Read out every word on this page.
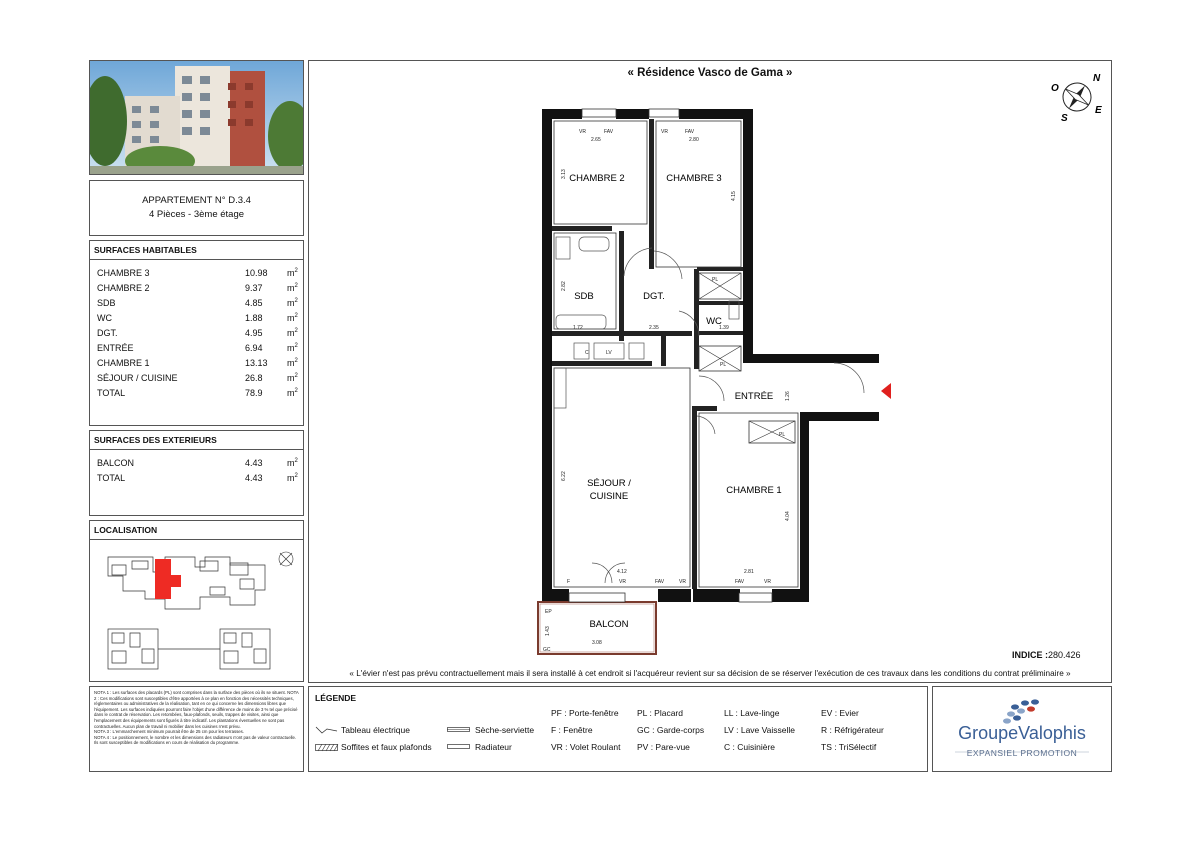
APPARTEMENT N° D.3.4
4 Pièces - 3ème étage
SURFACES HABITABLES
CHAMBRE 3	10.98 $m^2$
CHAMBRE 2	9.37	$m^2$
SDB	4.85	$m^2$
WC	1.88	$m^2$
DGT.	4.95	$m^2$
ENTRÉE	6.94	$m^2$
CHAMBRE 1	13.13 $m^2$
SÉJOUR / CUISINE	26.8	$m^2$
TOTAL	78.9	$m^2$
SURFACES DES EXTERIEURS
BALCON	4.43	$m^2$
TOTAL	4.43	$m^2$
LOCALISATION

NOTA 1 : Les surfaces des placards (PL) sont comprises dans la surface des pièces où ils se situent. NOTA 2 : Ces modifications sont susceptibles d'être apportées à ce plan en fonction des nécessités techniques, réglementaires ou administratives de la réalisation, tant en ce qui concerne les dimensions libres que l'équipement. Les surfaces indiquées pourront faire l'objet d'une différence de moins de 3 % tel que précisé dans le contrat de réservation. Les retombées, faux-plafonds, seuils, trappes de visites, ainsi que l'emplacement des équipements sont figurés à titre indicatif. Les plantations éventuelles ne sont pas contractuelles. Aucun plan de travail ni mobilier dans les cuisines n'est prévu.

NOTA 3 : L'emmarchement minimum pourrait être de 25 cm pour les terrasses.

NOTA 4 : Le positionnement, le nombre et les dimensions des radiateurs n'ont pas de valeur contractuelle. Ils sont susceptibles de modifications en cours de réalisation du programme.

« Résidence Vasco de Gama »	N
E
S
O
CHAMBRE 2	CHAMBRE 3
SDB	DGT.
WC
ENTRÉE
SÉJOUR /
CUISINE
CHAMBRE 1
BALCON
2.65
3.13
2.80
4.15
1.72
2.82
2.35	1.39
1.26
6.22
4.12
4.04
2.81
1.43
3.08
VR	FAV	VR	FAV
PL
PL
PL
F	VR	FAV	VR	FAV	VR
EP
GC
LV
C
INDICE :280.426
« L'évier n'est pas prévu contractuellement mais il sera installé à cet endroit si l'acquéreur revient sur sa décision de se réserver l'exécution de ces travaux dans les conditions du contrat préliminaire »
LÉGENDE
Tableau électrique
Soffites et faux plafonds
Sèche-serviette
Radiateur
PF : Porte-fenêtre
F : Fenêtre
VR : Volet Roulant
PL : Placard
GC : Garde-corps
PV : Pare-vue
LL : Lave-linge
LV : Lave Vaisselle
C : Cuisinière
EV : Evier
R : Réfrigérateur
TS : TriSélectif
GroupeValophis
EXPANSIEL PROMOTION
